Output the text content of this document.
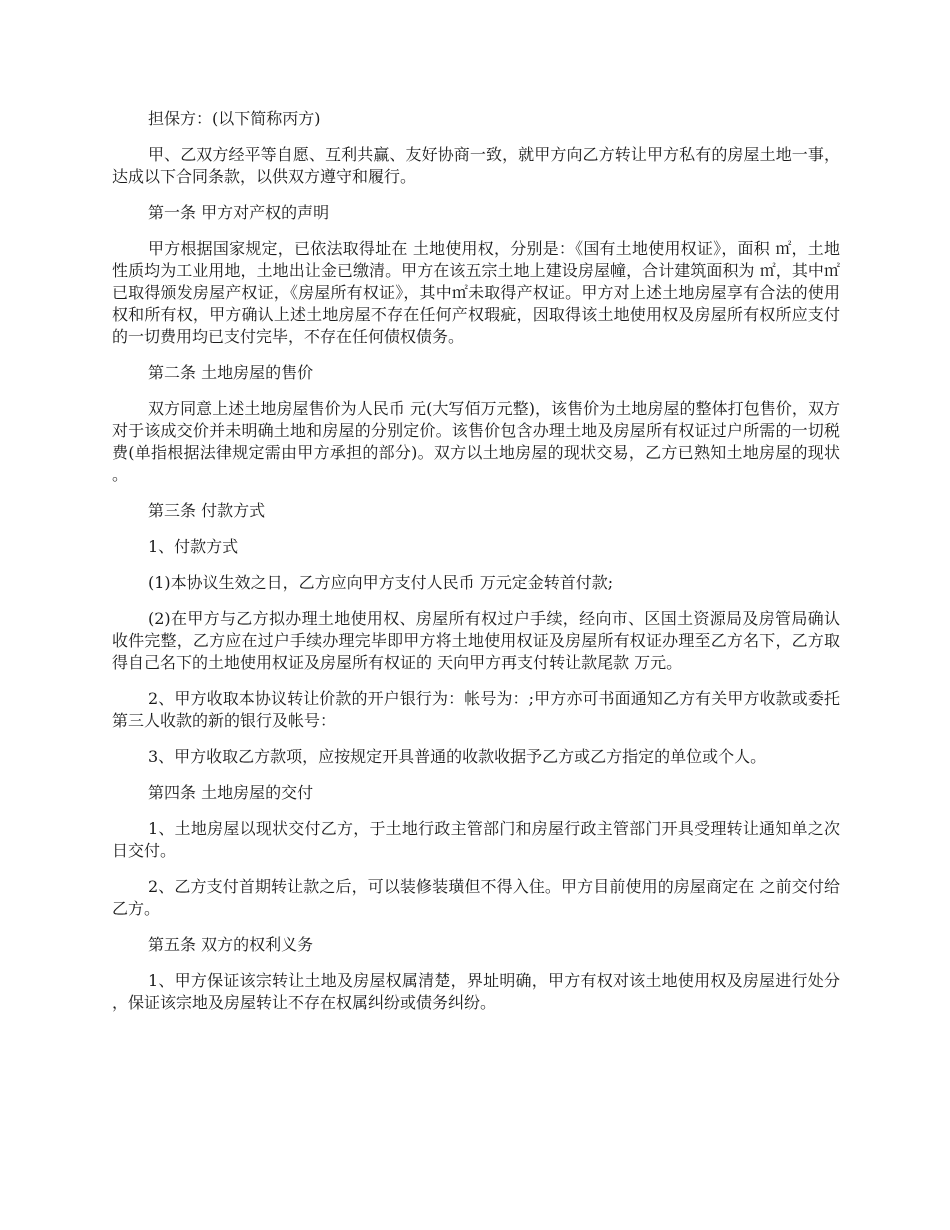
担保方：(以下简称丙方)

甲、乙双方经平等自愿、互利共赢、友好协商一致，就甲方向乙方转让甲方私有的房屋土地一事，达成以下合同条款，以供双方遵守和履行。

第一条 甲方对产权的声明

甲方根据国家规定，已依法取得址在 土地使用权，分别是：《国有土地使用权证》，面积 ㎡，土地性质均为工业用地，土地出让金已缴清。甲方在该五宗土地上建设房屋幢，合计建筑面积为 ㎡，其中㎡已取得颁发房屋产权证，《房屋所有权证》，其中㎡未取得产权证。甲方对上述土地房屋享有合法的使用权和所有权，甲方确认上述土地房屋不存在任何产权瑕疵，因取得该土地使用权及房屋所有权所应支付的一切费用均已支付完毕，不存在任何债权债务。

第二条 土地房屋的售价

双方同意上述土地房屋售价为人民币 元(大写佰万元整)，该售价为土地房屋的整体打包售价，双方对于该成交价并未明确土地和房屋的分别定价。该售价包含办理土地及房屋所有权证过户所需的一切税费(单指根据法律规定需由甲方承担的部分)。双方以土地房屋的现状交易，乙方已熟知土地房屋的现状。

第三条 付款方式

1、付款方式

(1)本协议生效之日，乙方应向甲方支付人民币 万元定金转首付款;

(2)在甲方与乙方拟办理土地使用权、房屋所有权过户手续，经向市、区国土资源局及房管局确认收件完整，乙方应在过户手续办理完毕即甲方将土地使用权证及房屋所有权证办理至乙方名下，乙方取得自己名下的土地使用权证及房屋所有权证的 天向甲方再支付转让款尾款 万元。

2、甲方收取本协议转让价款的开户银行为：帐号为：;甲方亦可书面通知乙方有关甲方收款或委托第三人收款的新的银行及帐号：

3、甲方收取乙方款项，应按规定开具普通的收款收据予乙方或乙方指定的单位或个人。

第四条 土地房屋的交付

1、土地房屋以现状交付乙方，于土地行政主管部门和房屋行政主管部门开具受理转让通知单之次日交付。

2、乙方支付首期转让款之后，可以装修装璜但不得入住。甲方目前使用的房屋商定在 之前交付给乙方。

第五条 双方的权利义务

1、甲方保证该宗转让土地及房屋权属清楚，界址明确，甲方有权对该土地使用权及房屋进行处分，保证该宗地及房屋转让不存在权属纠纷或债务纠纷。
